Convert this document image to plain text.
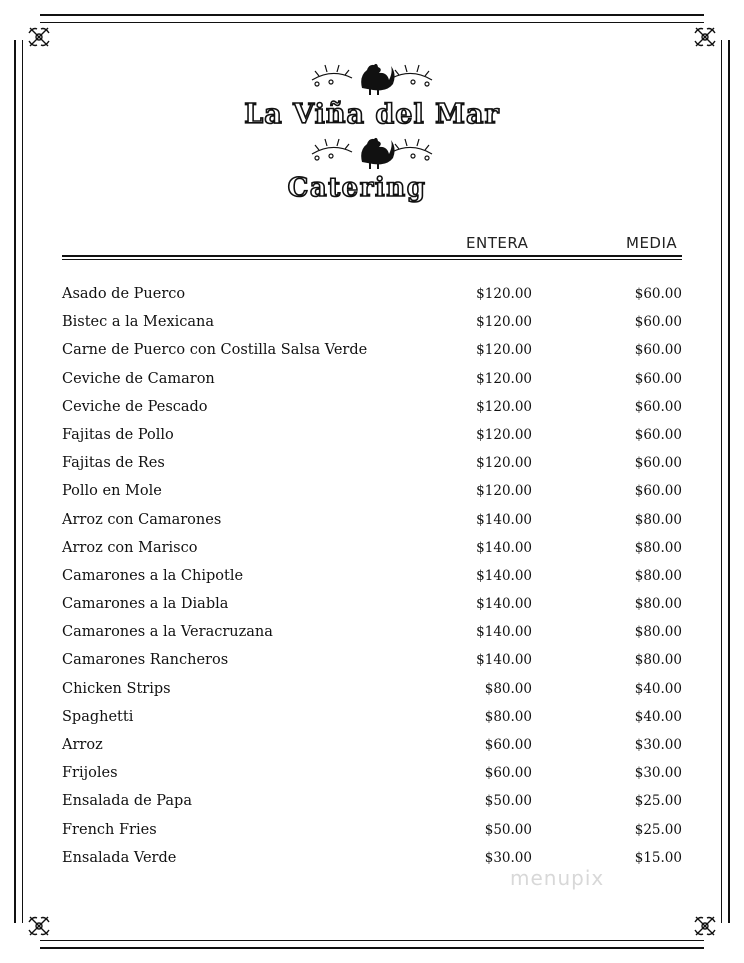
La Viña del Mar
Catering
ENTERA	MEDIA
Asado de Puerco	$120.00	$60.00
Bistec a la Mexicana	$120.00	$60.00
Carne de Puerco con Costilla Salsa Verde	$120.00	$60.00
Ceviche de Camaron	$120.00	$60.00
Ceviche de Pescado	$120.00	$60.00
Fajitas de Pollo	$120.00	$60.00
Fajitas de Res	$120.00	$60.00
Pollo en Mole	$120.00	$60.00
Arroz con Camarones	$140.00	$80.00
Arroz con Marisco	$140.00	$80.00
Camarones a la Chipotle	$140.00	$80.00
Camarones a la Diabla	$140.00	$80.00
Camarones a la Veracruzana	$140.00	$80.00
Camarones Rancheros	$140.00	$80.00
Chicken Strips	$80.00	$40.00
Spaghetti	$80.00	$40.00
Arroz	$60.00	$30.00
Frijoles	$60.00	$30.00
Ensalada de Papa	$50.00	$25.00
French Fries	$50.00	$25.00
Ensalada Verde	$30.00	$15.00
menupix
